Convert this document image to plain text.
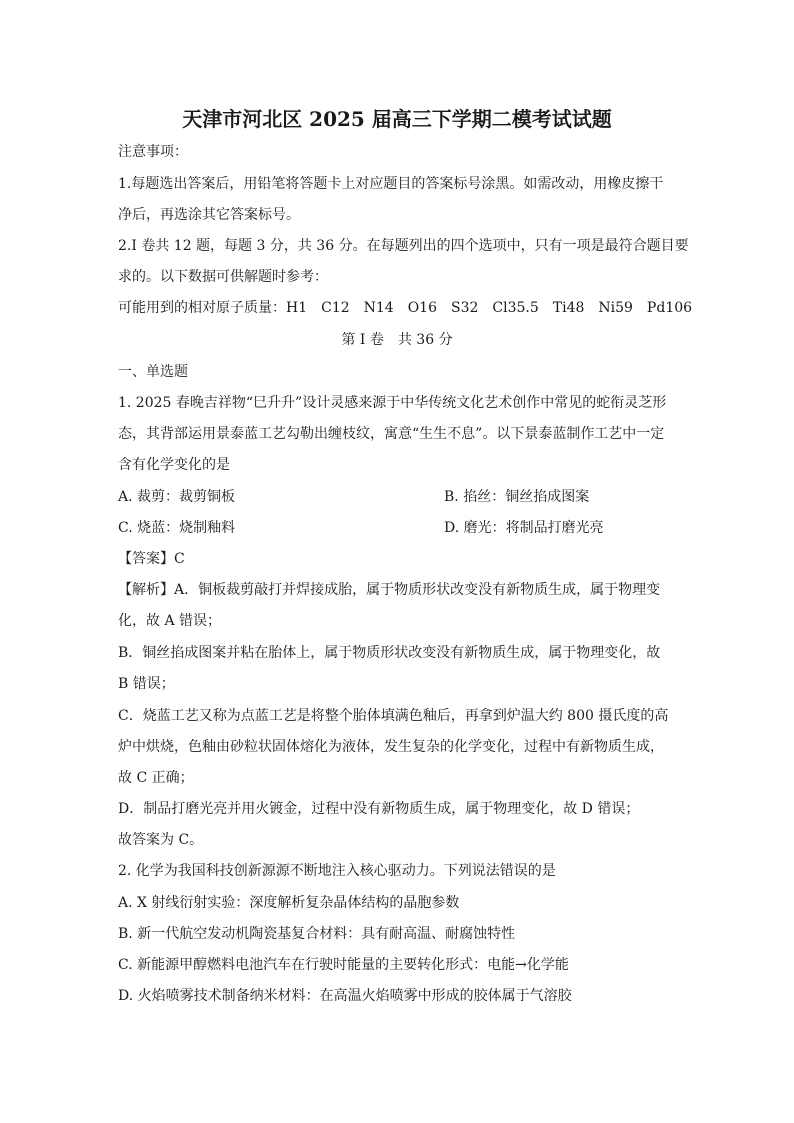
天津市河北区 2025 届高三下学期二模考试试题
注意事项：
1.每题选出答案后，用铅笔将答题卡上对应题目的答案标号涂黑。如需改动，用橡皮擦干
净后，再选涂其它答案标号。
2.I 卷共 12 题，每题 3 分，共 36 分。在每题列出的四个选项中，只有一项是最符合题目要
求的。以下数据可供解题时参考：
可能用到的相对原子质量：H1　C12　N14　O16　S32　Cl35.5　Ti48　Ni59　Pd106
第 I 卷　共 36 分
一、单选题
1. 2025 春晚吉祥物“巳升升”设计灵感来源于中华传统文化艺术创作中常见的蛇衔灵芝形
态，其背部运用景泰蓝工艺勾勒出缠枝纹，寓意“生生不息”。以下景泰蓝制作工艺中一定
含有化学变化的是
A. 裁剪：裁剪铜板	B. 掐丝：铜丝掐成图案
C. 烧蓝：烧制釉料	D. 磨光：将制品打磨光亮
【答案】C
【解析】A．铜板裁剪敲打并焊接成胎，属于物质形状改变没有新物质生成，属于物理变
化，故 A 错误；
B．铜丝掐成图案并粘在胎体上，属于物质形状改变没有新物质生成，属于物理变化，故
B 错误；
C．烧蓝工艺又称为点蓝工艺是将整个胎体填满色釉后，再拿到炉温大约 800 摄氏度的高
炉中烘烧，色釉由砂粒状固体熔化为液体，发生复杂的化学变化，过程中有新物质生成，
故 C 正确；
D．制品打磨光亮并用火镀金，过程中没有新物质生成，属于物理变化，故 D 错误；
故答案为 C。
2. 化学为我国科技创新源源不断地注入核心驱动力。下列说法错误的是
A. X 射线衍射实验：深度解析复杂晶体结构的晶胞参数
B. 新一代航空发动机陶瓷基复合材料：具有耐高温、耐腐蚀特性
C. 新能源甲醇燃料电池汽车在行驶时能量的主要转化形式：电能→化学能
D. 火焰喷雾技术制备纳米材料：在高温火焰喷雾中形成的胶体属于气溶胶
